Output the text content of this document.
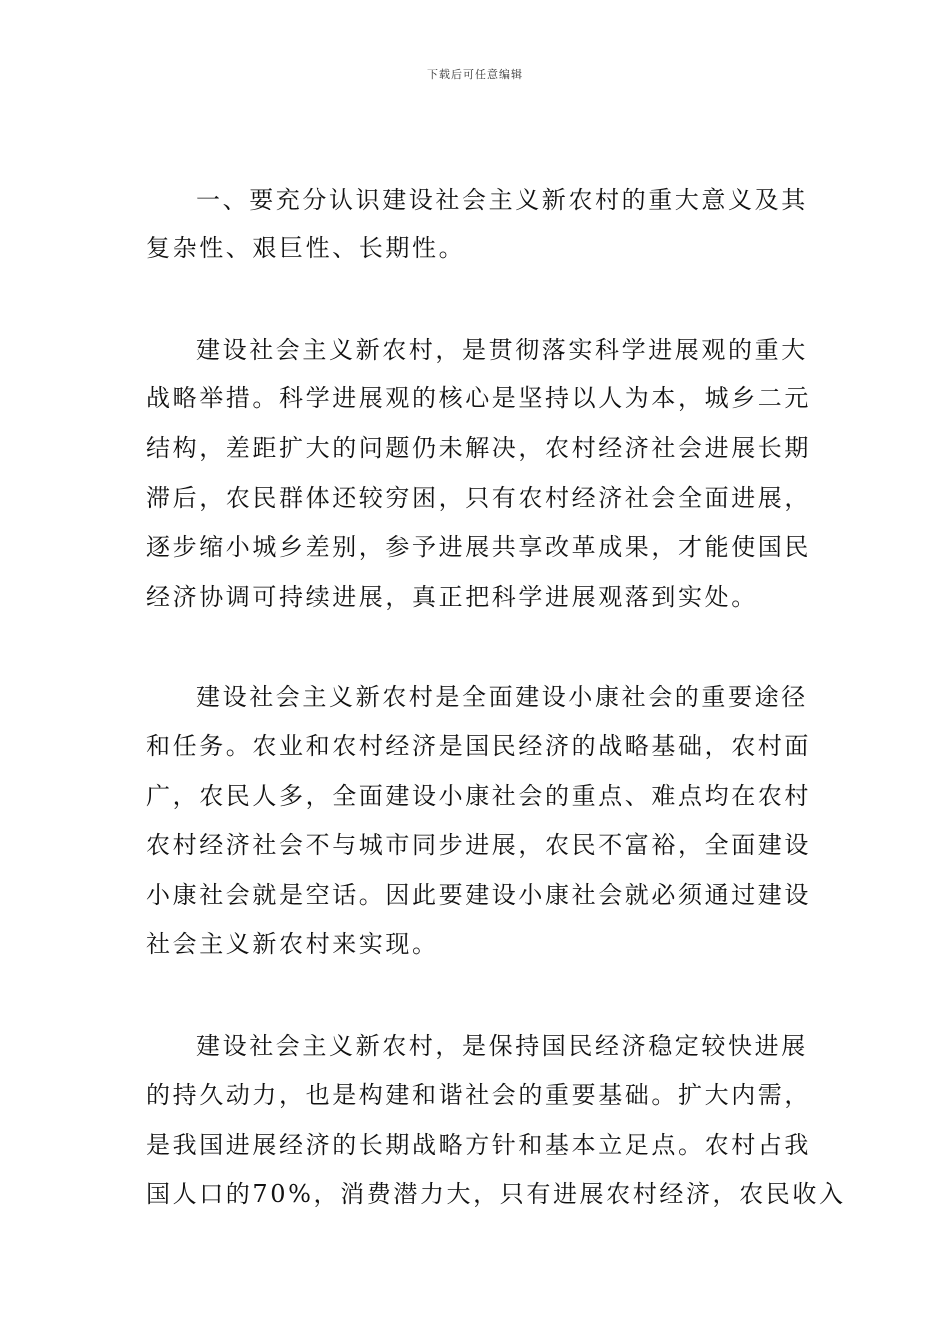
下载后可任意编辑
一、要充分认识建设社会主义新农村的重大意义及其
复杂性、艰巨性、长期性。
建设社会主义新农村，是贯彻落实科学进展观的重大
战略举措。科学进展观的核心是坚持以人为本，城乡二元
结构，差距扩大的问题仍未解决，农村经济社会进展长期
滞后，农民群体还较穷困，只有农村经济社会全面进展，
逐步缩小城乡差别，参予进展共享改革成果，才能使国民
经济协调可持续进展，真正把科学进展观落到实处。
建设社会主义新农村是全面建设小康社会的重要途径
和任务。农业和农村经济是国民经济的战略基础，农村面
广，农民人多，全面建设小康社会的重点、难点均在农村
农村经济社会不与城市同步进展，农民不富裕，全面建设
小康社会就是空话。因此要建设小康社会就必须通过建设
社会主义新农村来实现。
建设社会主义新农村，是保持国民经济稳定较快进展
的持久动力，也是构建和谐社会的重要基础。扩大内需，
是我国进展经济的长期战略方针和基本立足点。农村占我
国人口的70%，消费潜力大，只有进展农村经济，农民收入
